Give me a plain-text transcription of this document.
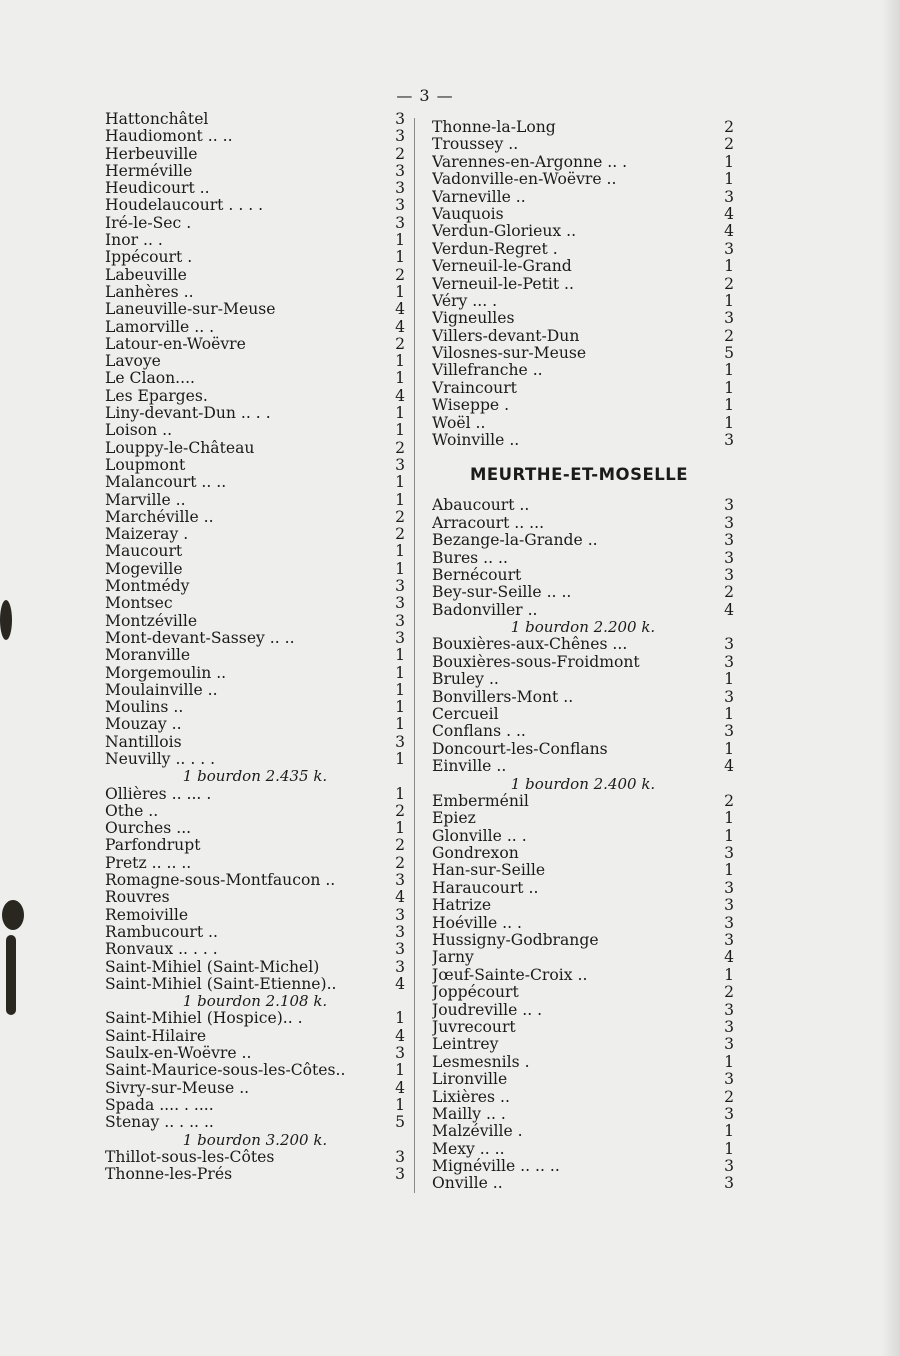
— 3 —
Hattonchâtel	3
Haudiomont .. ..	3
Herbeuville	2
Herméville	3
Heudicourt ..	3
Houdelaucourt . . . .	3
Iré-le-Sec .	3
Inor .. .	1
Ippécourt .	1
Labeuville	2
Lanhères ..	1
Laneuville-sur-Meuse	4
Lamorville .. .	4
Latour-en-Woëvre	2
Lavoye	1
Le Claon....	1
Les Eparges.	4
Liny-devant-Dun .. . .	1
Loison ..	1
Louppy-le-Château	2
Loupmont	3
Malancourt .. ..	1
Marville ..	1
Marchéville ..	2
Maizeray .	2
Maucourt	1
Mogeville	1
Montmédy	3
Montsec	3
Montzéville	3
Mont-devant-Sassey .. ..	3
Moranville	1
Morgemoulin ..	1
Moulainville ..	1
Moulins ..	1
Mouzay ..	1
Nantillois	3
Neuvilly .. . . .	1
1 bourdon 2.435 k.
Ollières .. ... .	1
Othe ..	2
Ourches ...	1
Parfondrupt	2
Pretz .. .. ..	2
Romagne-sous-Montfaucon ..	3
Rouvres	4
Remoiville	3
Rambucourt ..	3
Ronvaux .. . . .	3
Saint-Mihiel (Saint-Michel)	3
Saint-Mihiel (Saint-Etienne)..	4
1 bourdon 2.108 k.
Saint-Mihiel (Hospice).. .	1
Saint-Hilaire	4
Saulx-en-Woëvre ..	3
Saint-Maurice-sous-les-Côtes..	1
Sivry-sur-Meuse ..	4
Spada .... . ....	1
Stenay .. . .. ..	5
1 bourdon 3.200 k.
Thillot-sous-les-Côtes	3
Thonne-les-Prés	3
Thonne-la-Long	2
Troussey ..	2
Varennes-en-Argonne .. .	1
Vadonville-en-Woëvre ..	1
Varneville ..	3
Vauquois	4
Verdun-Glorieux ..	4
Verdun-Regret .	3
Verneuil-le-Grand	1
Verneuil-le-Petit ..	2
Véry ... .	1
Vigneulles	3
Villers-devant-Dun	2
Vilosnes-sur-Meuse	5
Villefranche ..	1
Vraincourt	1
Wiseppe .	1
Woël ..	1
Woinville ..	3
MEURTHE-ET-MOSELLE
Abaucourt ..	3
Arracourt .. ...	3
Bezange-la-Grande ..	3
Bures .. ..	3
Bernécourt	3
Bey-sur-Seille .. ..	2
Badonviller ..	4
1 bourdon 2.200 k.
Bouxières-aux-Chênes ...	3
Bouxières-sous-Froidmont	3
Bruley ..	1
Bonvillers-Mont ..	3
Cercueil	1
Conflans . ..	3
Doncourt-les-Conflans	1
Einville ..	4
1 bourdon 2.400 k.
Emberménil	2
Epiez	1
Glonville .. .	1
Gondrexon	3
Han-sur-Seille	1
Haraucourt ..	3
Hatrize	3
Hoéville .. .	3
Hussigny-Godbrange	3
Jarny	4
Jœuf-Sainte-Croix ..	1
Joppécourt	2
Joudreville .. .	3
Juvrecourt	3
Leintrey	3
Lesmesnils .	1
Lironville	3
Lixières ..	2
Mailly .. .	3
Malzéville .	1
Mexy .. ..	1
Mignéville .. .. ..	3
Onville ..	3
